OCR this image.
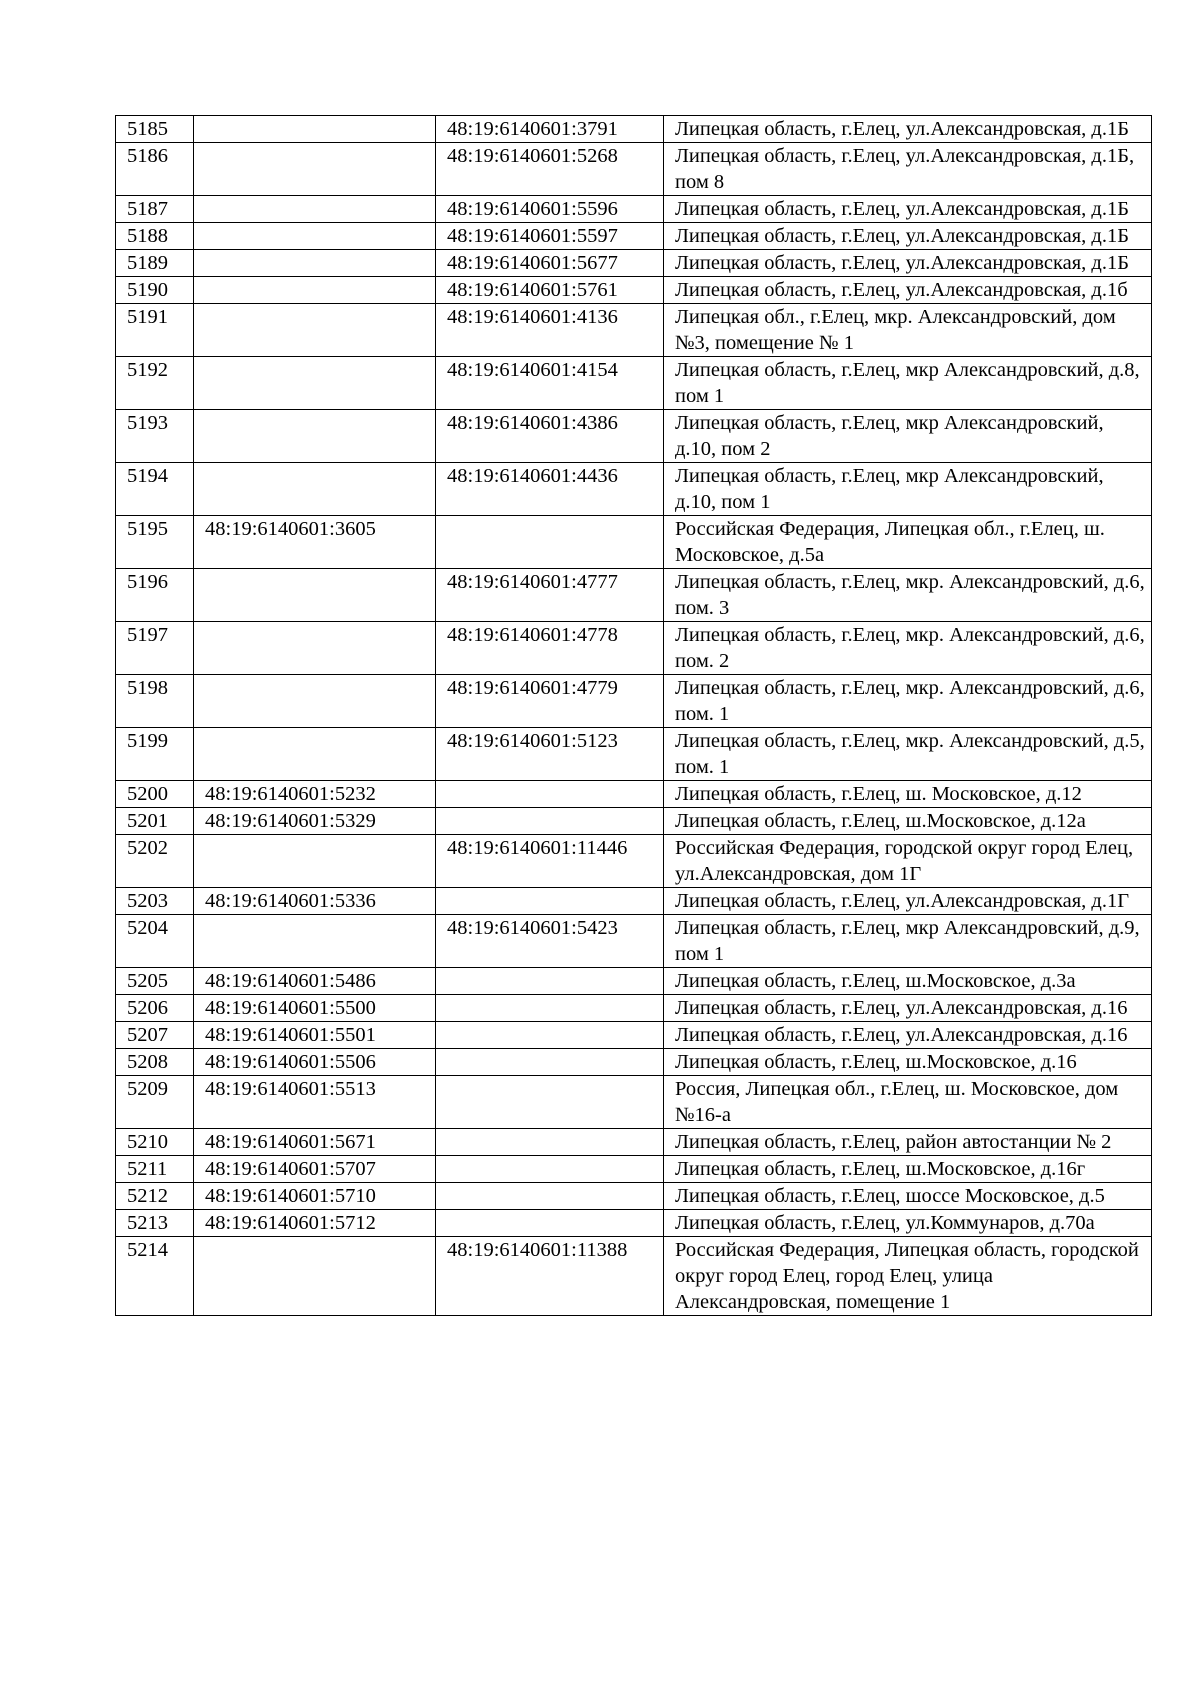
5185		48:19:6140601:3791	Липецкая область, г.Елец, ул.Александровская, д.1Б
5186		48:19:6140601:5268	Липецкая область, г.Елец, ул.Александровская, д.1Б, пом 8
5187		48:19:6140601:5596	Липецкая область, г.Елец, ул.Александровская, д.1Б
5188		48:19:6140601:5597	Липецкая область, г.Елец, ул.Александровская, д.1Б
5189		48:19:6140601:5677	Липецкая область, г.Елец, ул.Александровская, д.1Б
5190		48:19:6140601:5761	Липецкая область, г.Елец, ул.Александровская, д.1б
5191		48:19:6140601:4136	Липецкая обл., г.Елец, мкр. Александровский, дом №3, помещение № 1
5192		48:19:6140601:4154	Липецкая область, г.Елец, мкр Александровский, д.8, пом 1
5193		48:19:6140601:4386	Липецкая область, г.Елец, мкр Александровский, д.10, пом 2
5194		48:19:6140601:4436	Липецкая область, г.Елец, мкр Александровский, д.10, пом 1
5195	48:19:6140601:3605		Российская Федерация, Липецкая обл., г.Елец, ш. Московское, д.5а
5196		48:19:6140601:4777	Липецкая область, г.Елец, мкр. Александровский, д.6, пом. 3
5197		48:19:6140601:4778	Липецкая область, г.Елец, мкр. Александровский, д.6, пом. 2
5198		48:19:6140601:4779	Липецкая область, г.Елец, мкр. Александровский, д.6, пом. 1
5199		48:19:6140601:5123	Липецкая область, г.Елец, мкр. Александровский, д.5, пом. 1
5200	48:19:6140601:5232		Липецкая область, г.Елец, ш. Московское, д.12
5201	48:19:6140601:5329		Липецкая область, г.Елец, ш.Московское, д.12а
5202		48:19:6140601:11446	Российская Федерация, городской округ город Елец, ул.Александровская, дом 1Г
5203	48:19:6140601:5336		Липецкая область, г.Елец, ул.Александровская, д.1Г
5204		48:19:6140601:5423	Липецкая область, г.Елец, мкр Александровский, д.9, пом 1
5205	48:19:6140601:5486		Липецкая область, г.Елец, ш.Московское, д.3а
5206	48:19:6140601:5500		Липецкая область, г.Елец, ул.Александровская, д.16
5207	48:19:6140601:5501		Липецкая область, г.Елец, ул.Александровская, д.16
5208	48:19:6140601:5506		Липецкая область, г.Елец, ш.Московское, д.16
5209	48:19:6140601:5513		Россия, Липецкая обл., г.Елец, ш. Московское, дом №16-а
5210	48:19:6140601:5671		Липецкая область, г.Елец, район автостанции № 2
5211	48:19:6140601:5707		Липецкая область, г.Елец, ш.Московское, д.16г
5212	48:19:6140601:5710		Липецкая область, г.Елец, шоссе Московское, д.5
5213	48:19:6140601:5712		Липецкая область, г.Елец, ул.Коммунаров, д.70а
5214		48:19:6140601:11388	Российская Федерация, Липецкая область, городской округ город Елец, город Елец, улица Александровская, помещение 1
